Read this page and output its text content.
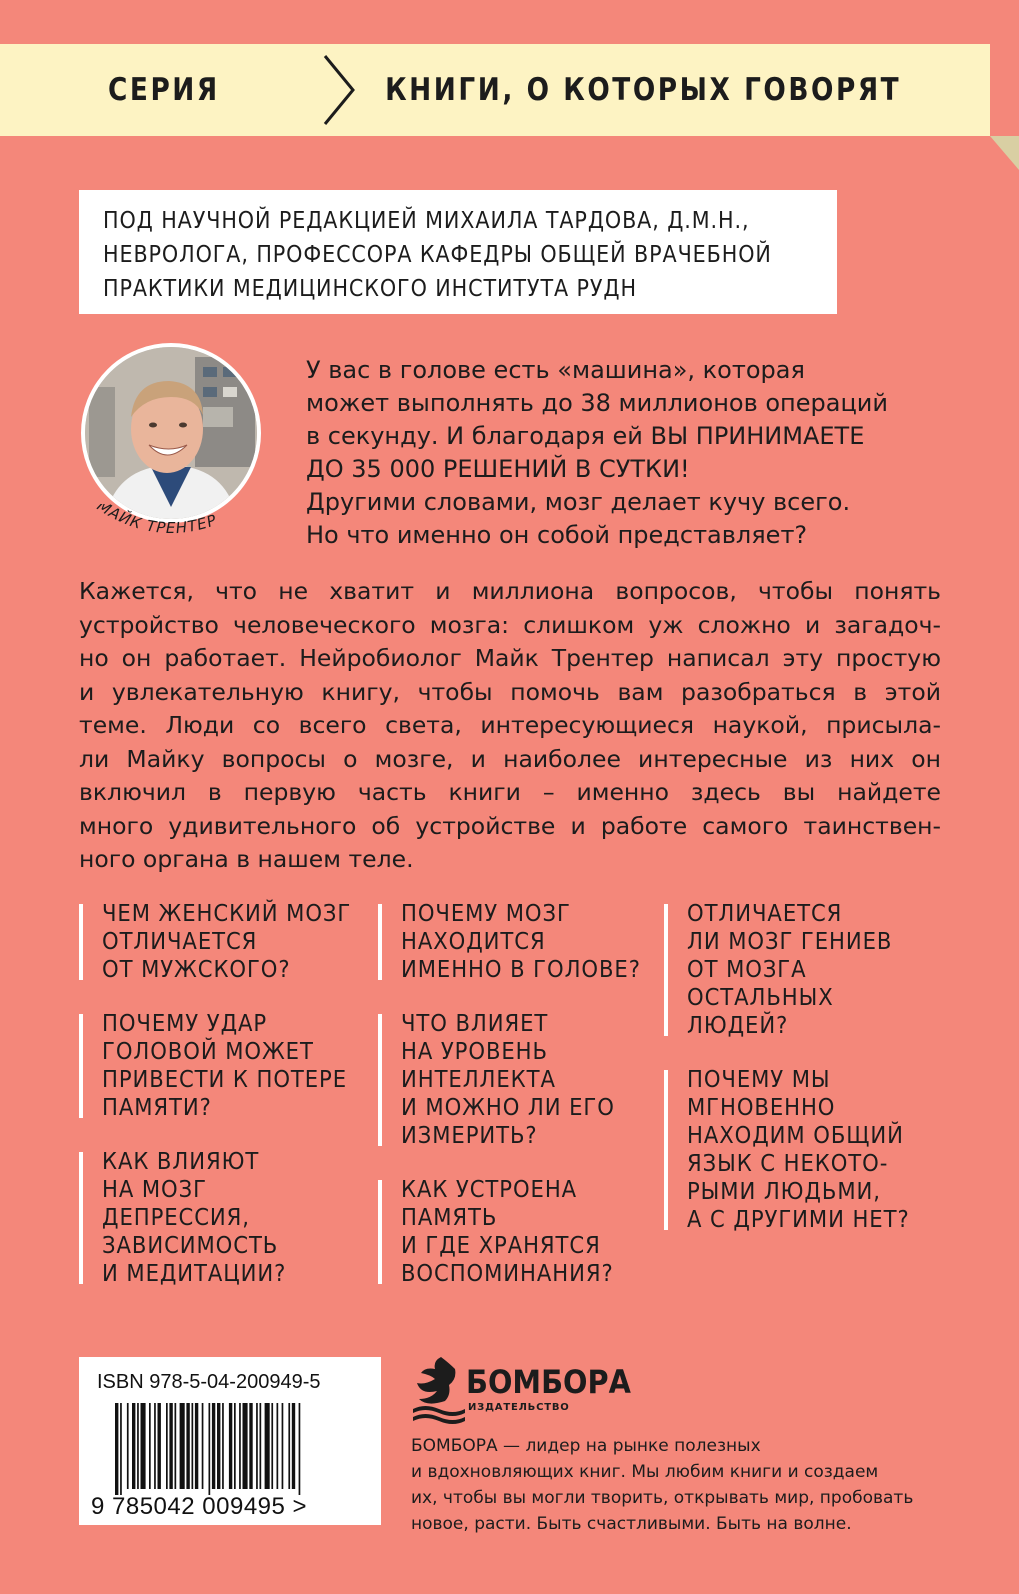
СЕРИЯ	КНИГИ, О КОТОРЫХ ГОВОРЯТ
ПОД НАУЧНОЙ РЕДАКЦИЕЙ МИХАИЛА ТАРДОВА, Д.М.Н.,
НЕВРОЛОГА, ПРОФЕССОРА КАФЕДРЫ ОБЩЕЙ ВРАЧЕБНОЙ
ПРАКТИКИ МЕДИЦИНСКОГО ИНСТИТУТА РУДН
МАЙК ТРЕНТЕР
У вас в голове есть «машина», которая
может выполнять до 38 миллионов операций
в секунду. И благодаря ей ВЫ ПРИНИМАЕТЕ
ДО 35 000 РЕШЕНИЙ В СУТКИ!
Другими словами, мозг делает кучу всего.
Но что именно он собой представляет?
Кажется, что не хватит и миллиона вопросов, чтобы понять
устройство человеческого мозга: слишком уж сложно и загадоч-
но он работает. Нейробиолог Майк Трентер написал эту простую
и увлекательную книгу, чтобы помочь вам разобраться в этой
теме. Люди со всего света, интересующиеся наукой, присыла-
ли Майку вопросы о мозге, и наиболее интересные из них он
включил в первую часть книги – именно здесь вы найдете
много удивительного об устройстве и работе самого таинствен-
ного органа в нашем теле.
ЧЕМ ЖЕНСКИЙ МОЗГ
ОТЛИЧАЕТСЯ
ОТ МУЖСКОГО?
ПОЧЕМУ УДАР
ГОЛОВОЙ МОЖЕТ
ПРИВЕСТИ К ПОТЕРЕ
ПАМЯТИ?
КАК ВЛИЯЮТ
НА МОЗГ
ДЕПРЕССИЯ,
ЗАВИСИМОСТЬ
И МЕДИТАЦИИ?
ПОЧЕМУ МОЗГ
НАХОДИТСЯ
ИМЕННО В ГОЛОВЕ?
ЧТО ВЛИЯЕТ
НА УРОВЕНЬ
ИНТЕЛЛЕКТА
И МОЖНО ЛИ ЕГО
ИЗМЕРИТЬ?
КАК УСТРОЕНА
ПАМЯТЬ
И ГДЕ ХРАНЯТСЯ
ВОСПОМИНАНИЯ?
ОТЛИЧАЕТСЯ
ЛИ МОЗГ ГЕНИЕВ
ОТ МОЗГА
ОСТАЛЬНЫХ
ЛЮДЕЙ?
ПОЧЕМУ МЫ
МГНОВЕННО
НАХОДИМ ОБЩИЙ
ЯЗЫК С НЕКОТО-
РЫМИ ЛЮДЬМИ,
А С ДРУГИМИ НЕТ?
ISBN 978-5-04-200949-5
9 785042 009495 >
БОМБОРА
ИЗДАТЕЛЬСТВО
БОМБОРА — лидер на рынке полезных
и вдохновляющих книг. Мы любим книги и создаем
их, чтобы вы могли творить, открывать мир, пробовать
новое, расти. Быть счастливыми. Быть на волне.
